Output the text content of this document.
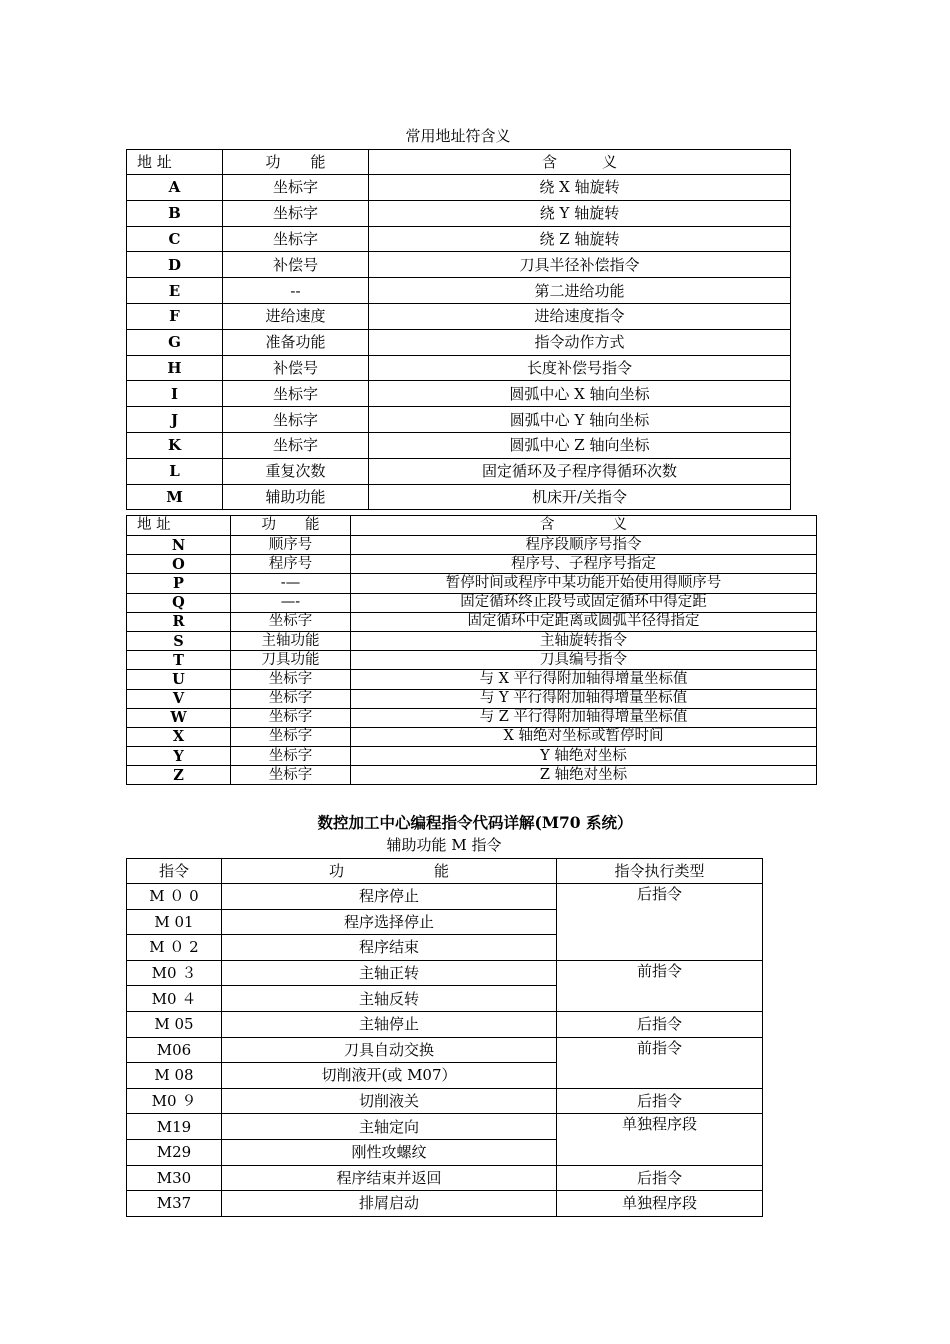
常用地址符含义
地 址	功　　能	含　　　义
A	坐标字	绕 X 轴旋转
B	坐标字	绕 Y 轴旋转
C	坐标字	绕 Z 轴旋转
D	补偿号	刀具半径补偿指令
E	--	第二进给功能
F	进给速度	进给速度指令
G	准备功能	指令动作方式
H	补偿号	长度补偿号指令
I	坐标字	圆弧中心 X 轴向坐标
J	坐标字	圆弧中心 Y 轴向坐标
K	坐标字	圆弧中心 Z 轴向坐标
L	重复次数	固定循环及子程序得循环次数
M	辅助功能	机床开/关指令
地 址	功　　能	含　　　　义
N	顺序号	程序段顺序号指令
O	程序号	程序号、子程序号指定
P	-—	暂停时间或程序中某功能开始使用得顺序号
Q	—-	固定循环终止段号或固定循环中得定距
R	坐标字	固定循环中定距离或圆弧半径得指定
S	主轴功能	主轴旋转指令
T	刀具功能	刀具编号指令
U	坐标字	与 X 平行得附加轴得增量坐标值
V	坐标字	与 Y 平行得附加轴得增量坐标值
W	坐标字	与 Z 平行得附加轴得增量坐标值
X	坐标字	X 轴绝对坐标或暂停时间
Y	坐标字	Y 轴绝对坐标
Z	坐标字	Z 轴绝对坐标
数控加工中心编程指令代码详解(M70 系统）
辅助功能 M 指令
指令	功　　　　　　能	指令执行类型
M ０ 0	程序停止	后指令
M 01	程序选择停止	
M ０ 2	程序结束	
M0 ３	主轴正转	前指令
M0 ４	主轴反转	
M 05	主轴停止	后指令
M06	刀具自动交换	前指令
M 08	切削液开(或 M07）	
M0 ９	切削液关	后指令
M19	主轴定向	单独程序段
M29	刚性攻螺纹	
M30	程序结束并返回	后指令
M37	排屑启动	单独程序段
